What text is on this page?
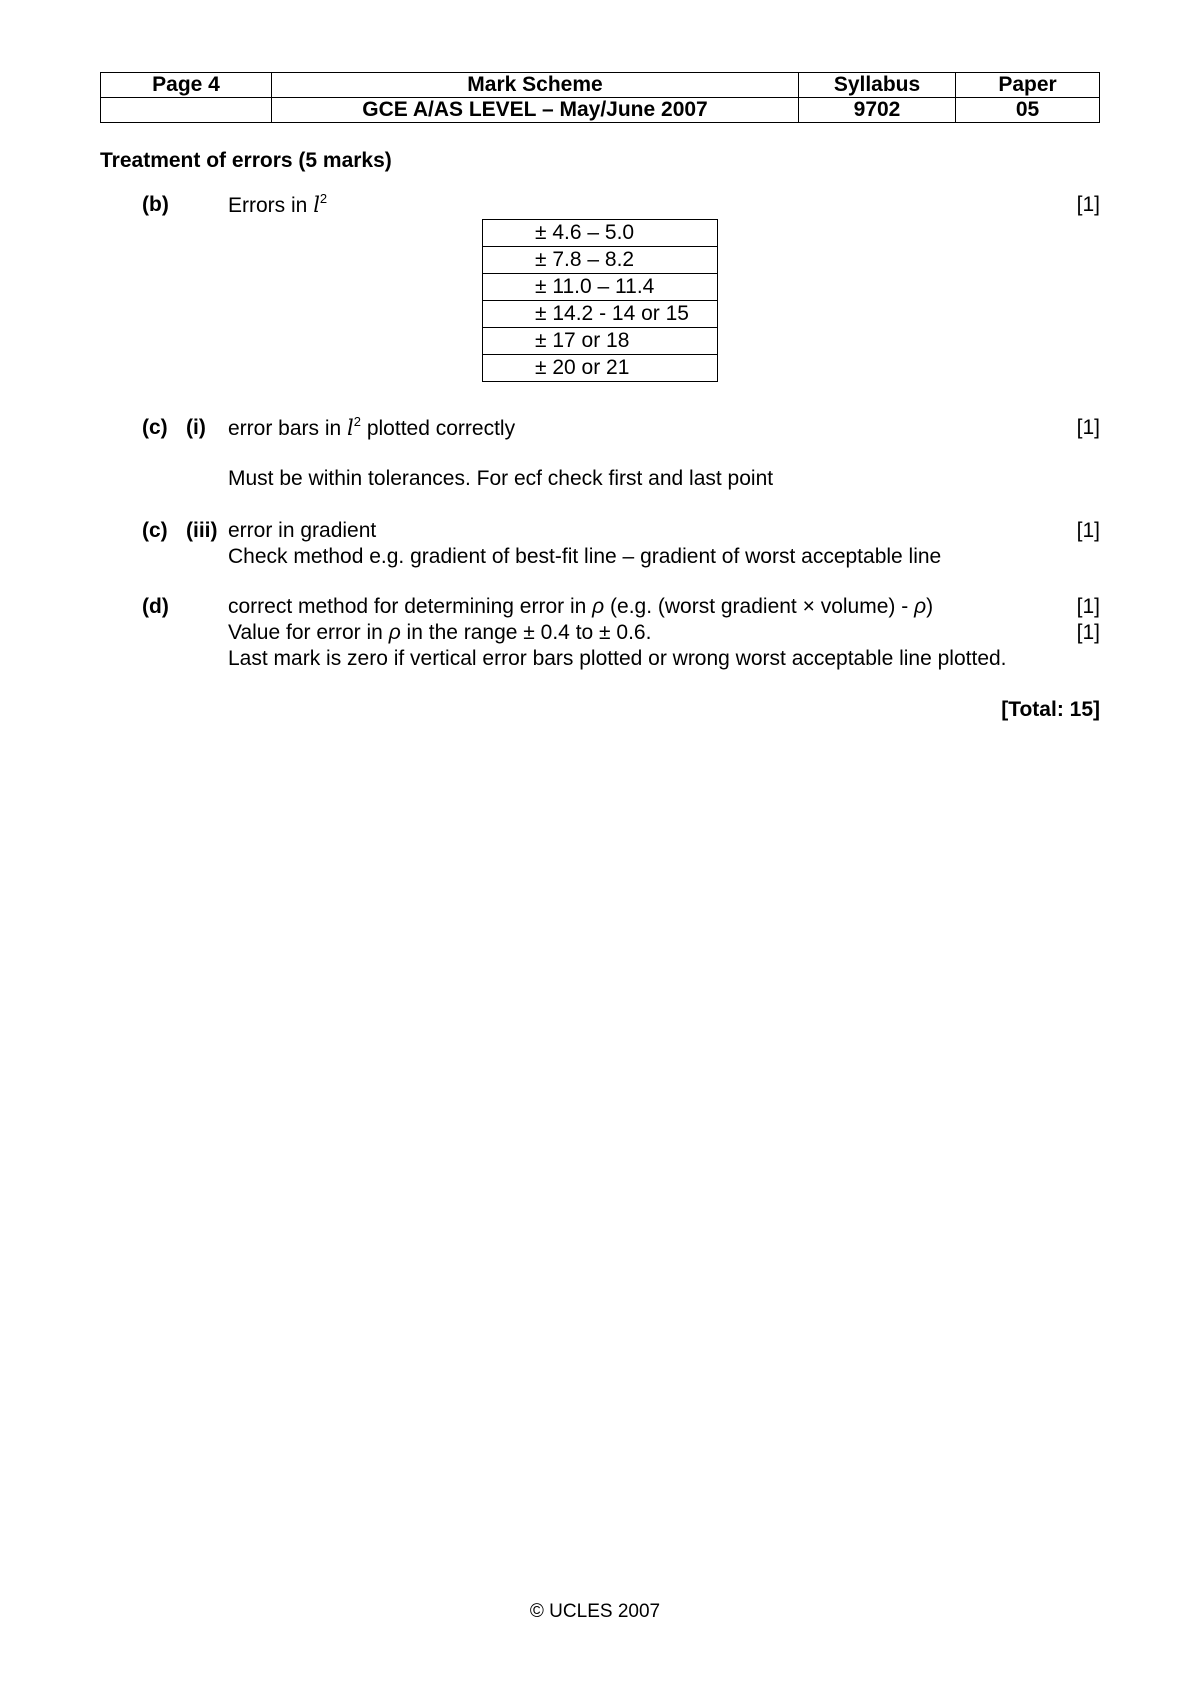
Page 4	Mark Scheme	Syllabus	Paper
	GCE A/AS LEVEL – May/June 2007	9702	05
Treatment of errors (5 marks)
(b)	Errors in $l^2$	[1]
± 4.6 – 5.0
± 7.8 – 8.2
± 11.0 – 11.4
± 14.2 - 14 or 15
± 17 or 18
± 20 or 21
(c) (i) error bars in $l^2$ plotted correctly	[1]
Must be within tolerances. For ecf check first and last point
(c) (iii) error in gradient	[1]
Check method e.g. gradient of best-fit line – gradient of worst acceptable line
(d)	correct method for determining error in ρ (e.g. (worst gradient × volume) - ρ)	[1]
Value for error in ρ in the range ± 0.4 to ± 0.6.	[1]
Last mark is zero if vertical error bars plotted or wrong worst acceptable line plotted.
[Total: 15]
© UCLES 2007
